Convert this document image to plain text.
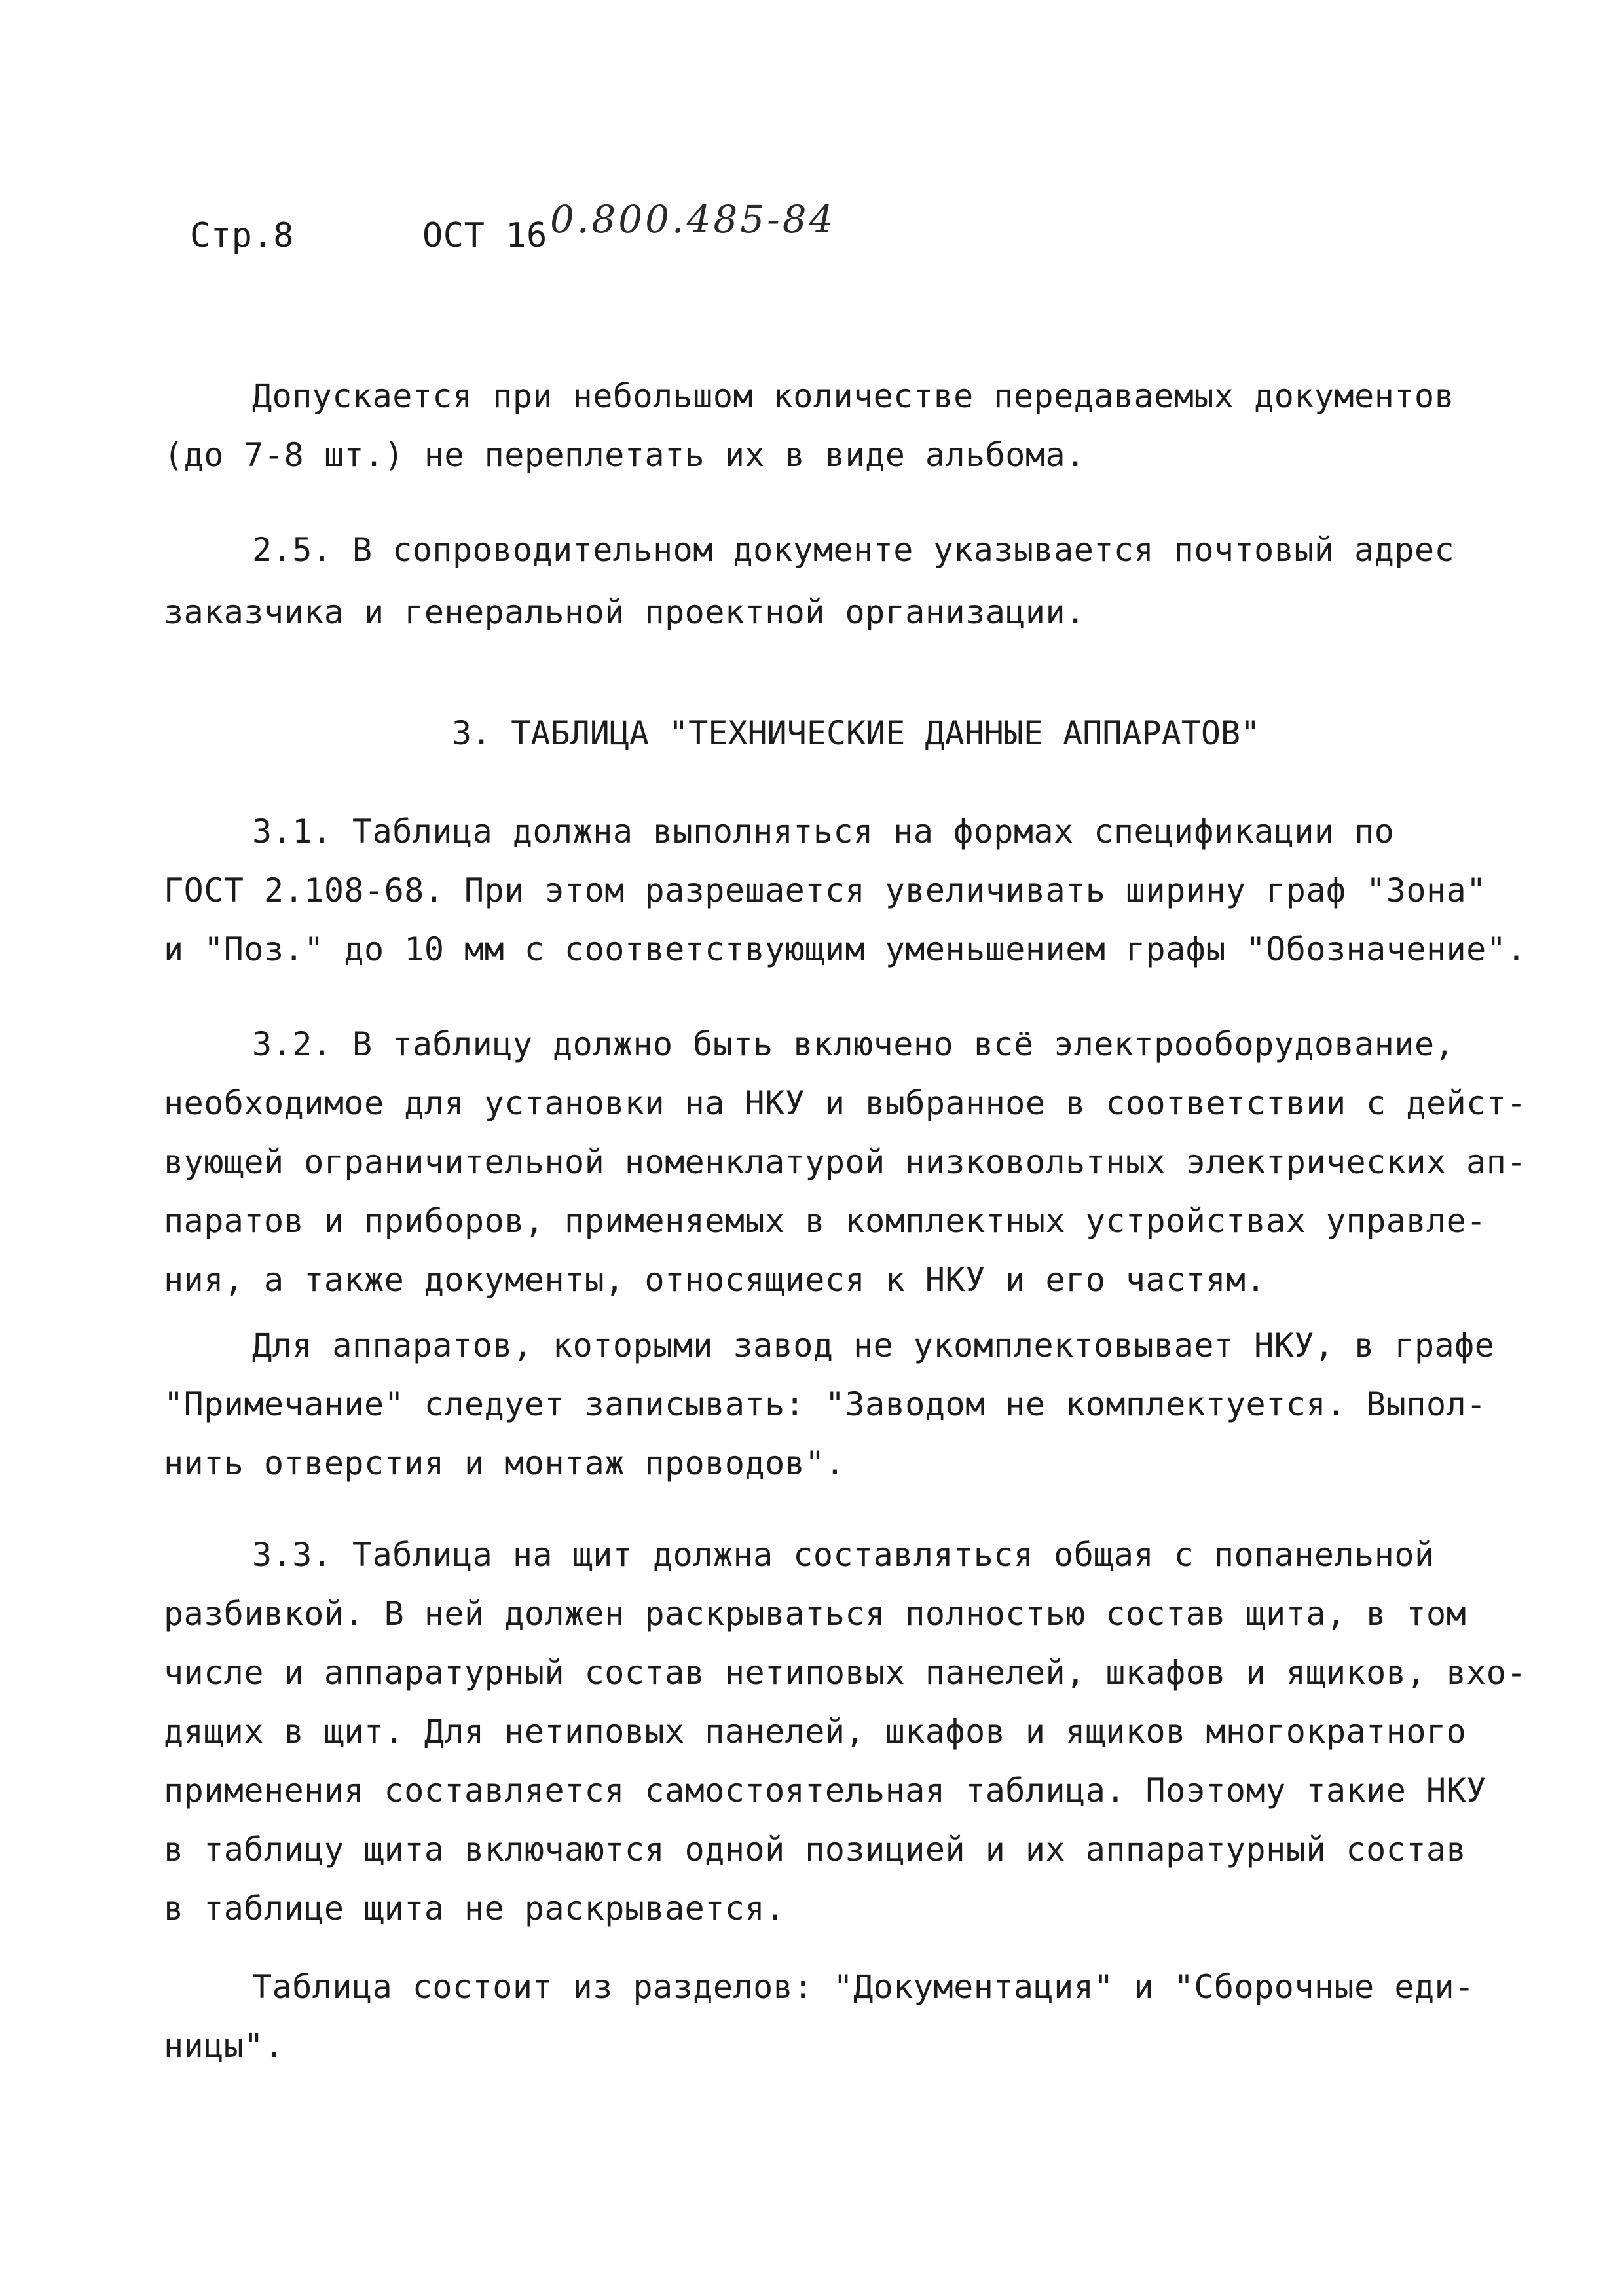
Стр.8	ОСТ 16 0.800.485-84
Допускается при небольшом количестве передаваемых документов
(до 7-8 шт.) не переплетать их в виде альбома.
2.5. В сопроводительном документе указывается почтовый адрес
заказчика и генеральной проектной организации.
3. ТАБЛИЦА "ТЕХНИЧЕСКИЕ ДАННЫЕ АППАРАТОВ"
3.1. Таблица должна выполняться на формах спецификации по
ГОСТ 2.108-68. При этом разрешается увеличивать ширину граф "Зона"
и "Поз." до 10 мм с соответствующим уменьшением графы "Обозначение".
3.2. В таблицу должно быть включено всё электрооборудование,
необходимое для установки на НКУ и выбранное в соответствии с дейст-
вующей ограничительной номенклатурой низковольтных электрических ап-
паратов и приборов, применяемых в комплектных устройствах управле-
ния, а также документы, относящиеся к НКУ и его частям.
Для аппаратов, которыми завод не укомплектовывает НКУ, в графе
"Примечание" следует записывать: "Заводом не комплектуется. Выпол-
нить отверстия и монтаж проводов".
3.3. Таблица на щит должна составляться общая с попанельной
разбивкой. В ней должен раскрываться полностью состав щита, в том
числе и аппаратурный состав нетиповых панелей, шкафов и ящиков, вхо-
дящих в щит. Для нетиповых панелей, шкафов и ящиков многократного
применения составляется самостоятельная таблица. Поэтому такие НКУ
в таблицу щита включаются одной позицией и их аппаратурный состав
в таблице щита не раскрывается.
Таблица состоит из разделов: "Документация" и "Сборочные еди-
ницы".
